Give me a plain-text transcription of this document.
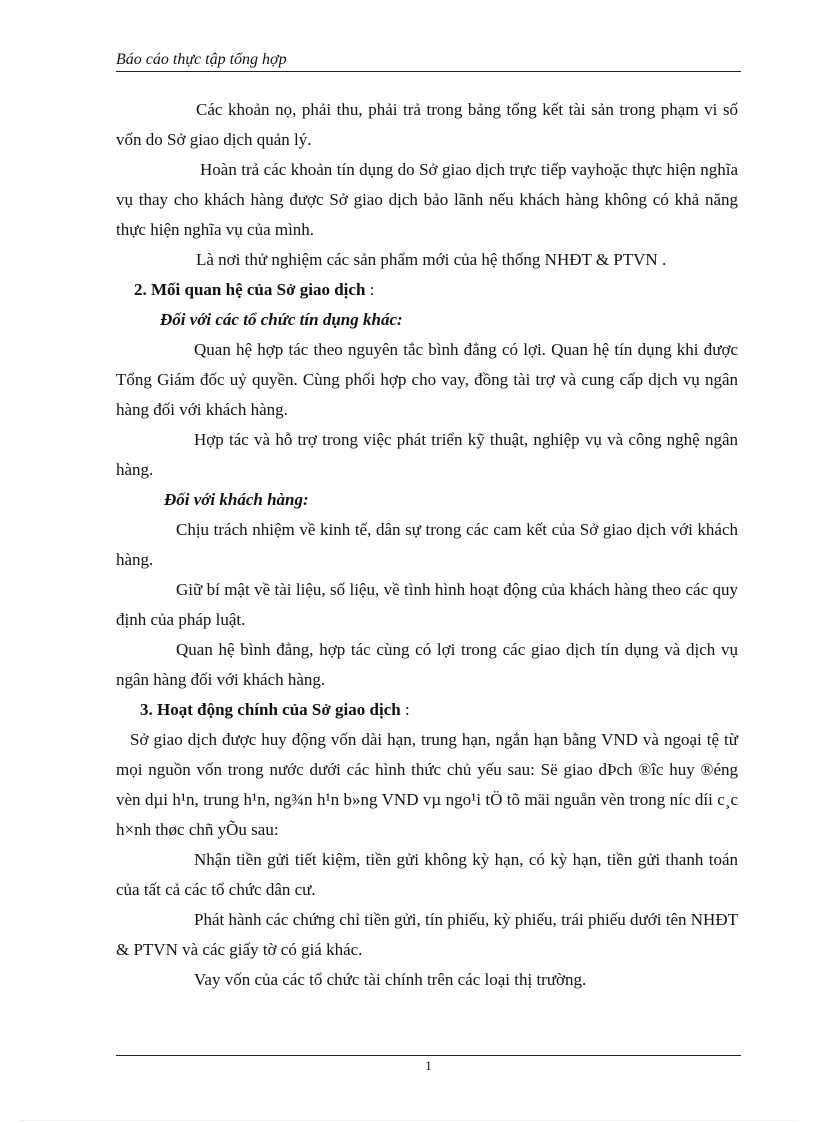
Báo cáo thực tập tổng hợp

Các khoản nọ, phải thu, phải trả trong bảng tổng kết tài sản trong phạm vi số vốn do Sở giao dịch quản lý.

Hoàn trả các khoản tín dụng do Sở giao dịch trực tiếp vayhoặc thực hiện nghĩa vụ thay cho khách hàng được Sở giao dịch bảo lãnh nếu khách hàng không có khả năng thực hiện nghĩa vụ của mình.

Là nơi thử nghiệm các sản phẩm mới của hệ thống NHĐT & PTVN .

2. Mối quan hệ của Sở giao dịch :

Đối với các tổ chức tín dụng khác:

Quan hệ hợp tác theo nguyên tắc bình đẳng có lợi. Quan hệ tín dụng khi được Tổng Giám đốc uỷ quyền. Cùng phối hợp cho vay, đồng tài trợ và cung cấp dịch vụ ngân hàng đối với khách hàng.

Hợp tác và hỗ trợ trong việc phát triển kỹ thuật, nghiệp vụ và công nghệ ngân hàng.

Đối với khách hàng:

Chịu trách nhiệm về kinh tế, dân sự trong các cam kết của Sở giao dịch với khách hàng.

Giữ bí mật về tài liệu, số liệu, về tình hình hoạt động của khách hàng theo các quy định của pháp luật.

Quan hệ bình đẳng, hợp tác cùng có lợi trong các giao dịch tín dụng và dịch vụ ngân hàng đối với khách hàng.

3. Hoạt động chính của Sở giao dịch :

Sở giao dịch được huy động vốn dài hạn, trung hạn, ngắn hạn bằng VND và ngoại tệ từ mọi nguồn vốn trong nước dưới các hình thức chủ yếu sau: Së giao dÞch ®îc huy ®éng vèn dµi h¹n, trung h¹n, ng¾n h¹n b»ng VND vµ ngo¹i tÖ tõ mäi nguån vèn trong níc díi c¸c h×nh thøc chñ yÕu sau:

Nhận tiền gửi tiết kiệm, tiền gửi không kỳ hạn, có kỳ hạn, tiền gửi thanh toán của tất cả các tổ chức dân cư.

Phát hành các chứng chỉ tiền gửi, tín phiếu, kỳ phiếu, trái phiếu dưới tên NHĐT & PTVN và các giấy tờ có giá khác.

Vay vốn của các tổ chức tài chính trên các loại thị trường.

1
